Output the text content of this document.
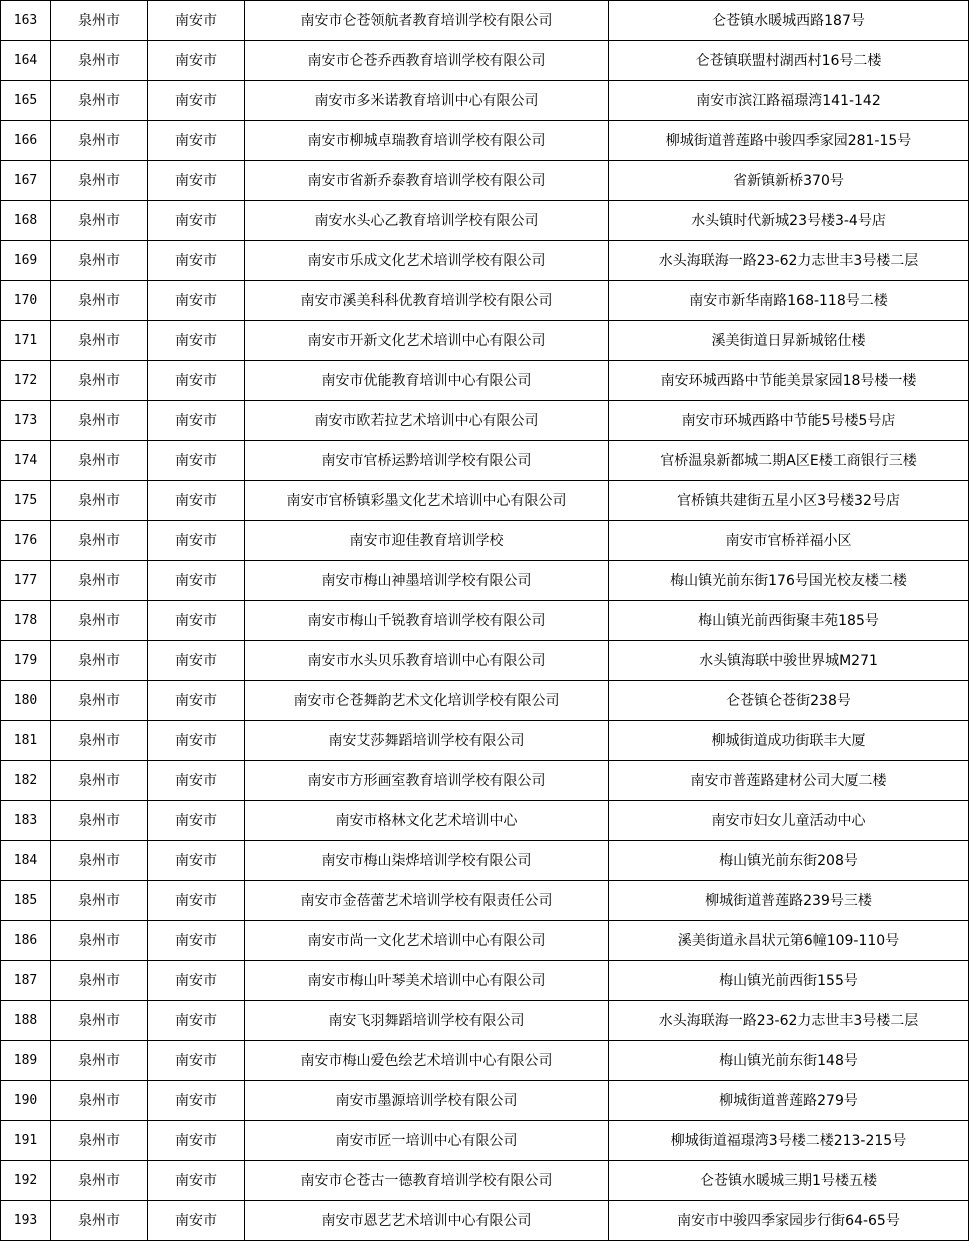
163	泉州市	南安市	南安市仑苍领航者教育培训学校有限公司	仑苍镇水暖城西路187号
164	泉州市	南安市	南安市仑苍乔西教育培训学校有限公司	仑苍镇联盟村湖西村16号二楼
165	泉州市	南安市	南安市多米诺教育培训中心有限公司	南安市滨江路福璟湾141-142
166	泉州市	南安市	南安市柳城卓瑞教育培训学校有限公司	柳城街道普莲路中骏四季家园281-15号
167	泉州市	南安市	南安市省新乔泰教育培训学校有限公司	省新镇新桥370号
168	泉州市	南安市	南安水头心乙教育培训学校有限公司	水头镇时代新城23号楼3-4号店
169	泉州市	南安市	南安市乐成文化艺术培训学校有限公司	水头海联海一路23-62力志世丰3号楼二层
170	泉州市	南安市	南安市溪美科科优教育培训学校有限公司	南安市新华南路168-118号二楼
171	泉州市	南安市	南安市开新文化艺术培训中心有限公司	溪美街道日昇新城铭仕楼
172	泉州市	南安市	南安市优能教育培训中心有限公司	南安环城西路中节能美景家园18号楼一楼
173	泉州市	南安市	南安市欧若拉艺术培训中心有限公司	南安市环城西路中节能5号楼5号店
174	泉州市	南安市	南安市官桥运黔培训学校有限公司	官桥温泉新都城二期A区E楼工商银行三楼
175	泉州市	南安市	南安市官桥镇彩墨文化艺术培训中心有限公司	官桥镇共建街五星小区3号楼32号店
176	泉州市	南安市	南安市迎佳教育培训学校	南安市官桥祥福小区
177	泉州市	南安市	南安市梅山神墨培训学校有限公司	梅山镇光前东街176号国光校友楼二楼
178	泉州市	南安市	南安市梅山千锐教育培训学校有限公司	梅山镇光前西街聚丰苑185号
179	泉州市	南安市	南安市水头贝乐教育培训中心有限公司	水头镇海联中骏世界城M271
180	泉州市	南安市	南安市仑苍舞韵艺术文化培训学校有限公司	仑苍镇仑苍街238号
181	泉州市	南安市	南安艾莎舞蹈培训学校有限公司	柳城街道成功街联丰大厦
182	泉州市	南安市	南安市方形画室教育培训学校有限公司	南安市普莲路建材公司大厦二楼
183	泉州市	南安市	南安市格林文化艺术培训中心	南安市妇女儿童活动中心
184	泉州市	南安市	南安市梅山柒烨培训学校有限公司	梅山镇光前东街208号
185	泉州市	南安市	南安市金蓓蕾艺术培训学校有限责任公司	柳城街道普莲路239号三楼
186	泉州市	南安市	南安市尚一文化艺术培训中心有限公司	溪美街道永昌状元第6幢109-110号
187	泉州市	南安市	南安市梅山叶琴美术培训中心有限公司	梅山镇光前西街155号
188	泉州市	南安市	南安飞羽舞蹈培训学校有限公司	水头海联海一路23-62力志世丰3号楼二层
189	泉州市	南安市	南安市梅山爱色绘艺术培训中心有限公司	梅山镇光前东街148号
190	泉州市	南安市	南安市墨源培训学校有限公司	柳城街道普莲路279号
191	泉州市	南安市	南安市匠一培训中心有限公司	柳城街道福璟湾3号楼二楼213-215号
192	泉州市	南安市	南安市仑苍古一德教育培训学校有限公司	仑苍镇水暖城三期1号楼五楼
193	泉州市	南安市	南安市恩艺艺术培训中心有限公司	南安市中骏四季家园步行街64-65号
